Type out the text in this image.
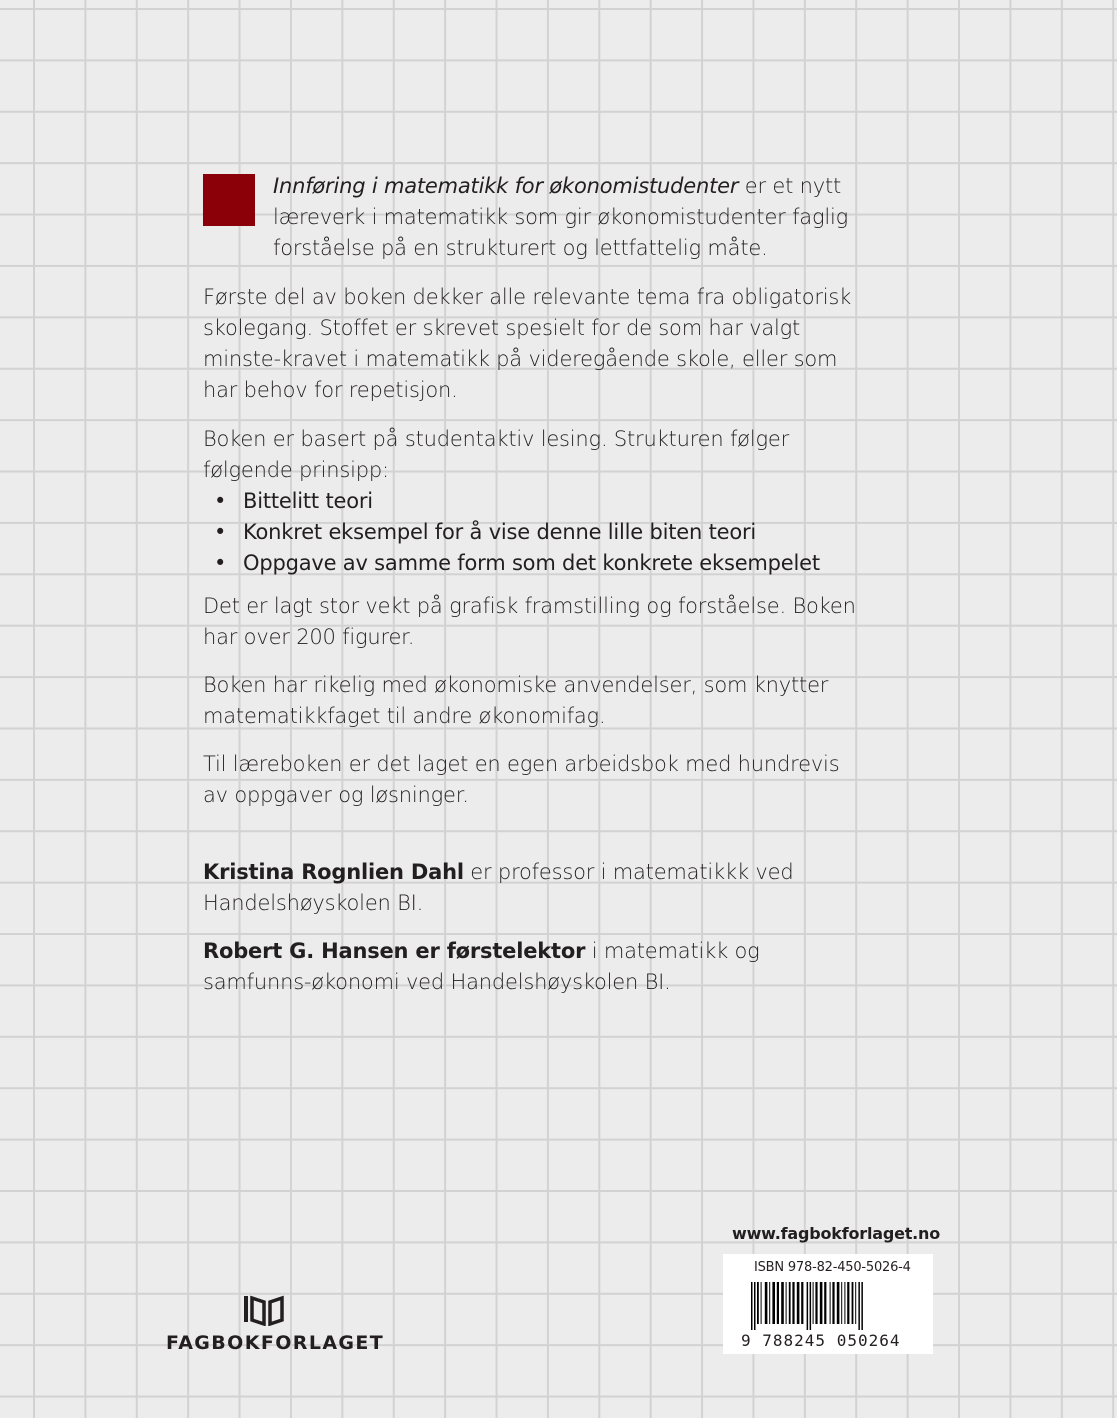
Innføring i matematikk for økonomistudenter er et nytt læreverk i matematikk som gir økonomistudenter faglig forståelse på en strukturert og lettfattelig måte.

Første del av boken dekker alle relevante tema fra obligatorisk skolegang. Stoffet er skrevet spesielt for de som har valgt minste-kravet i matematikk på videregående skole, eller som har behov for repetisjon.

Boken er basert på studentaktiv lesing. Strukturen følger følgende prinsipp:

• Bittelitt teori
• Konkret eksempel for å vise denne lille biten teori
• Oppgave av samme form som det konkrete eksempelet

Det er lagt stor vekt på grafisk framstilling og forståelse. Boken har over 200 figurer.

Boken har rikelig med økonomiske anvendelser, som knytter matematikkfaget til andre økonomifag.

Til læreboken er det laget en egen arbeidsbok med hundrevis av oppgaver og løsninger.

Kristina Rognlien Dahl er professor i matematikkk ved Handelshøyskolen BI.

Robert G. Hansen er førstelektor i matematikk og samfunns-økonomi ved Handelshøyskolen BI.

www.fagbokforlaget.no
ISBN 978-82-450-5026-4
9 788245 050264
FAGBOKFORLAGET
